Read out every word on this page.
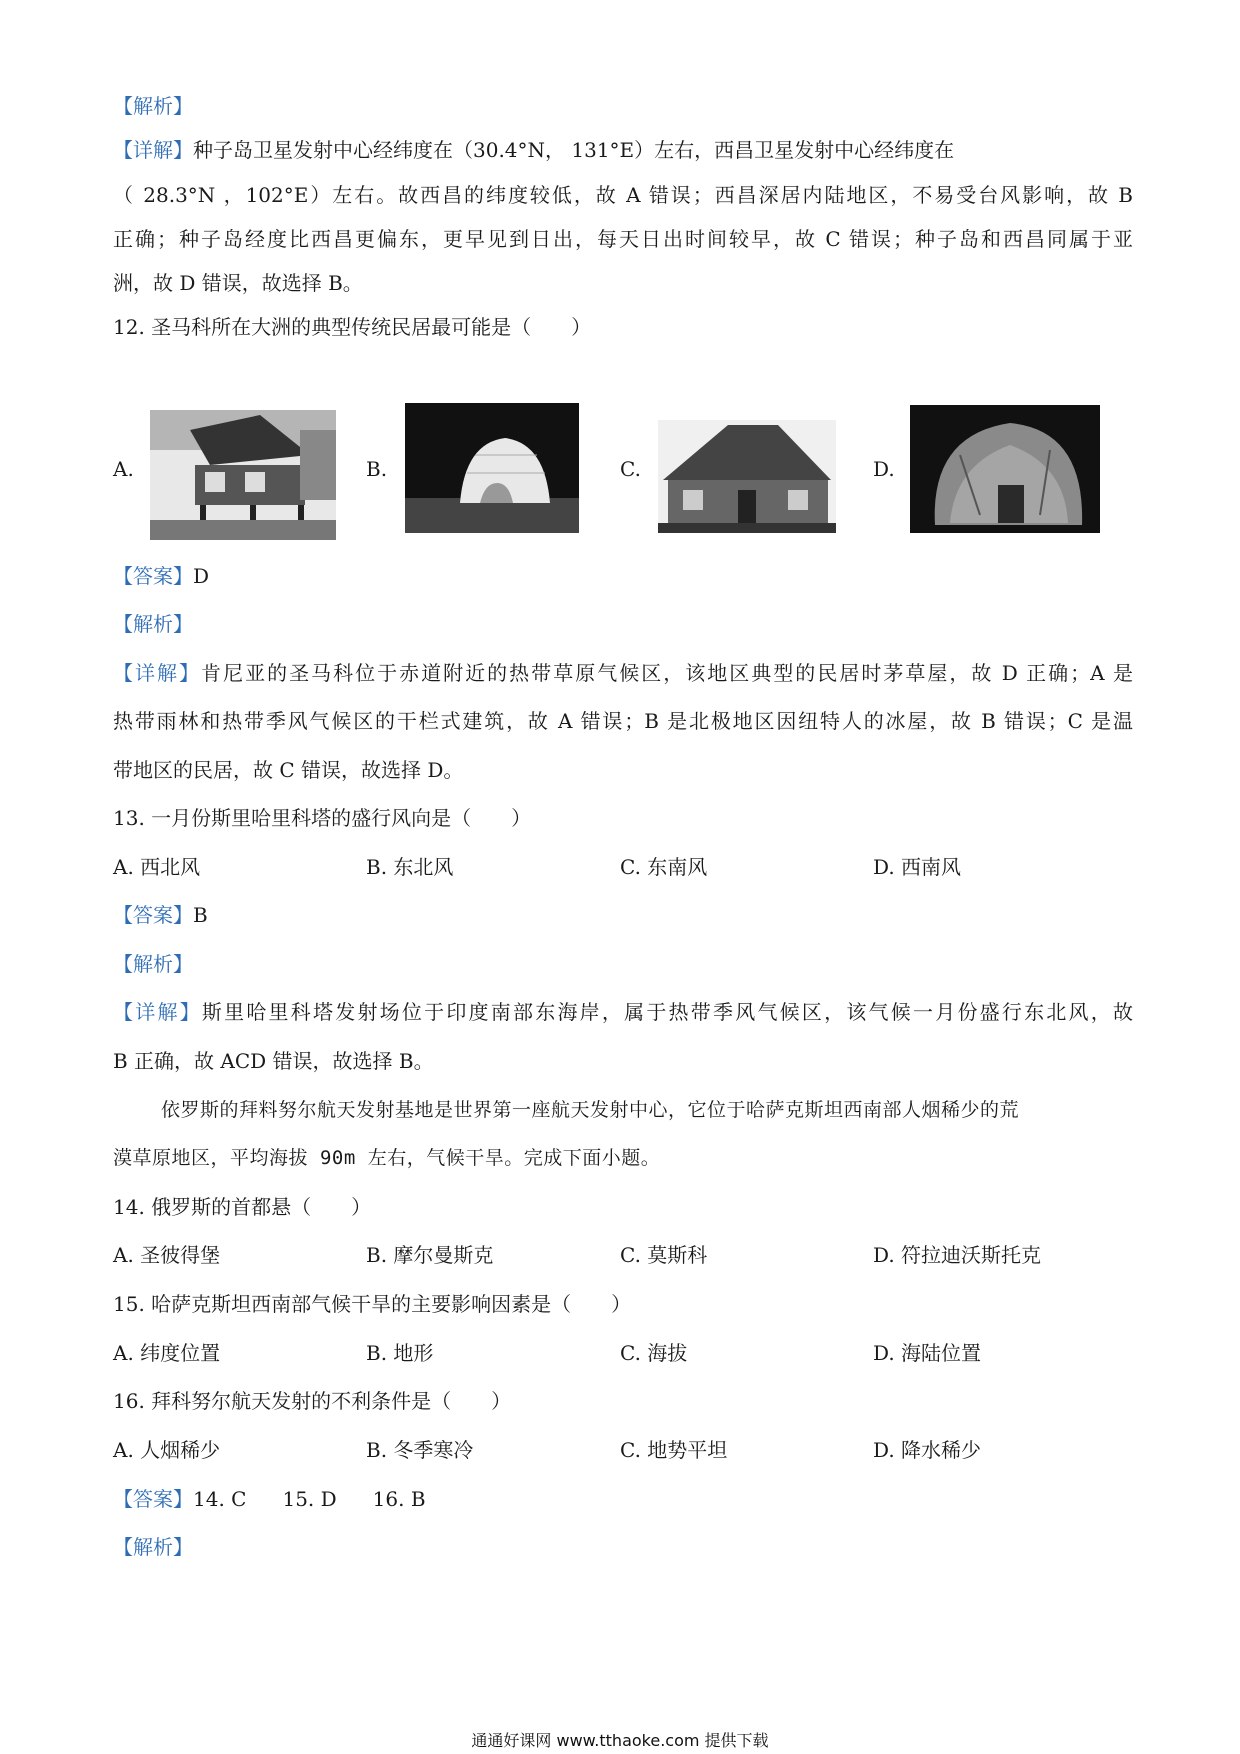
【解析】
【详解】种子岛卫星发射中心经纬度在（30.4°N， 131°E）左右，西昌卫星发射中心经纬度在
（ 28.3°N ，102°E）左右。故西昌的纬度较低，故 A 错误；西昌深居内陆地区，不易受台风影响，故 B
正确；种子岛经度比西昌更偏东，更早见到日出，每天日出时间较早，故 C 错误；种子岛和西昌同属于亚
洲，故 D 错误，故选择 B。
12. 圣马科所在大洲的典型传统民居最可能是（　　）
A.	B.	C.	D.
【答案】D
【解析】
【详解】肯尼亚的圣马科位于赤道附近的热带草原气候区，该地区典型的民居时茅草屋，故 D 正确；A 是
热带雨林和热带季风气候区的干栏式建筑，故 A 错误；B 是北极地区因纽特人的冰屋，故 B 错误；C 是温
带地区的民居，故 C 错误，故选择 D。
13. 一月份斯里哈里科塔的盛行风向是（　　）
A. 西北风	B. 东北风	C. 东南风	D. 西南风
【答案】B
【解析】
【详解】斯里哈里科塔发射场位于印度南部东海岸，属于热带季风气候区，该气候一月份盛行东北风，故
B 正确，故 ACD 错误，故选择 B。
依罗斯的拜料努尔航天发射基地是世界第一座航天发射中心，它位于哈萨克斯坦西南部人烟稀少的荒
漠草原地区，平均海拔 90m 左右，气候干旱。完成下面小题。
14. 俄罗斯的首都悬（　　）
A. 圣彼得堡	B. 摩尔曼斯克	C. 莫斯科	D. 符拉迪沃斯托克
15. 哈萨克斯坦西南部气候干旱的主要影响因素是（　　）
A. 纬度位置	B. 地形	C. 海拔	D. 海陆位置
16. 拜科努尔航天发射的不利条件是（　　）
A. 人烟稀少	B. 冬季寒冷	C. 地势平坦	D. 降水稀少
【答案】14. C 15. D 16. B
【解析】
通通好课网 www.tthaoke.com 提供下载
